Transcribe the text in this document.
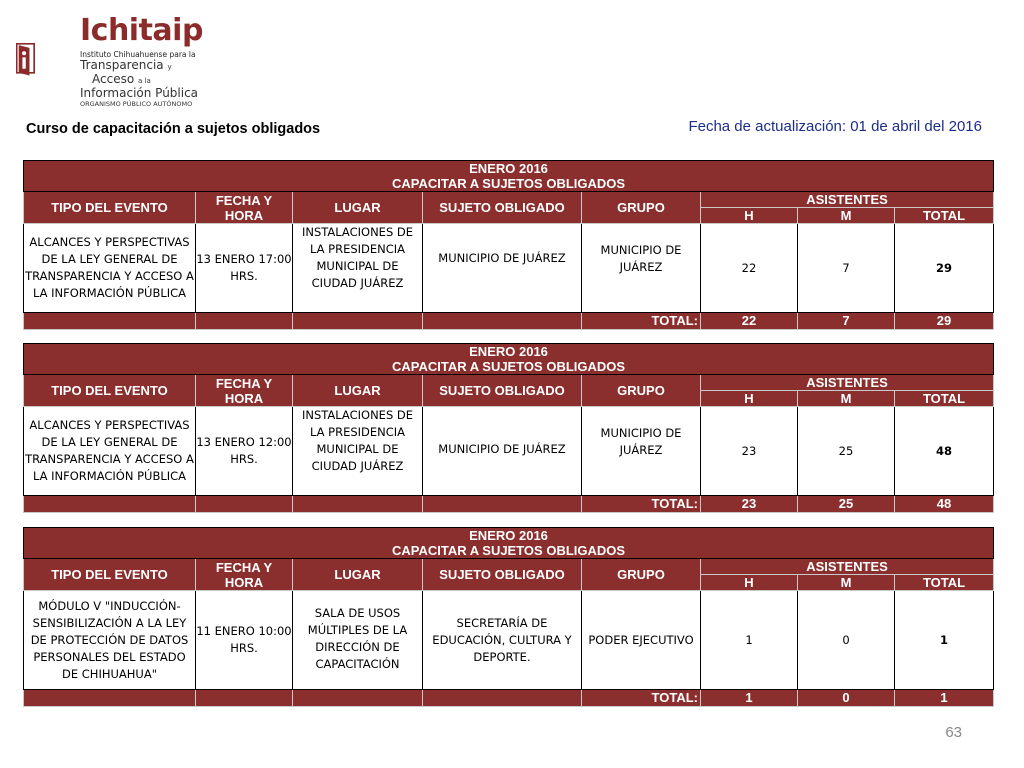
Ichitaip
Instituto Chihuahuense para la
Transparencia y
Acceso a la
Información Pública
ORGANISMO PÚBLICO AUTÓNOMO
Curso de capacitación a sujetos obligados	Fecha de actualización: 01 de abril del 2016
ENERO 2016
CAPACITAR A SUJETOS OBLIGADOS							

TIPO DEL EVENTO	FECHA Y HORA	LUGAR	SUJETO OBLIGADO	GRUPO	ASISTENTES		
					H	M	TOTAL
ALCANCES Y PERSPECTIVAS DE LA LEY GENERAL DE TRANSPARENCIA Y ACCESO A LA INFORMACIÓN PÚBLICA	13 ENERO 17:00 HRS.	INSTALACIONES DE LA PRESIDENCIA MUNICIPAL DE CIUDAD JUÁREZ	MUNICIPIO DE JUÁREZ	MUNICIPIO DE JUÁREZ	22	7	29
				TOTAL:	22	7	29
ENERO 2016
CAPACITAR A SUJETOS OBLIGADOS							

TIPO DEL EVENTO	FECHA Y HORA	LUGAR	SUJETO OBLIGADO	GRUPO	ASISTENTES		
					H	M	TOTAL
ALCANCES Y PERSPECTIVAS DE LA LEY GENERAL DE TRANSPARENCIA Y ACCESO A LA INFORMACIÓN PÚBLICA	13 ENERO 12:00 HRS.	INSTALACIONES DE LA PRESIDENCIA MUNICIPAL DE CIUDAD JUÁREZ	MUNICIPIO DE JUÁREZ	MUNICIPIO DE JUÁREZ	23	25	48
				TOTAL:	23	25	48
ENERO 2016
CAPACITAR A SUJETOS OBLIGADOS							

TIPO DEL EVENTO	FECHA Y HORA	LUGAR	SUJETO OBLIGADO	GRUPO	ASISTENTES		
					H	M	TOTAL
MÓDULO V "INDUCCIÓN-SENSIBILIZACIÓN A LA LEY DE PROTECCIÓN DE DATOS PERSONALES DEL ESTADO DE CHIHUAHUA"	11 ENERO 10:00 HRS.	SALA DE USOS MÚLTIPLES DE LA DIRECCIÓN DE CAPACITACIÓN	SECRETARÍA DE EDUCACIÓN, CULTURA Y DEPORTE.	PODER EJECUTIVO	1	0	1
				TOTAL:	1	0	1
63
